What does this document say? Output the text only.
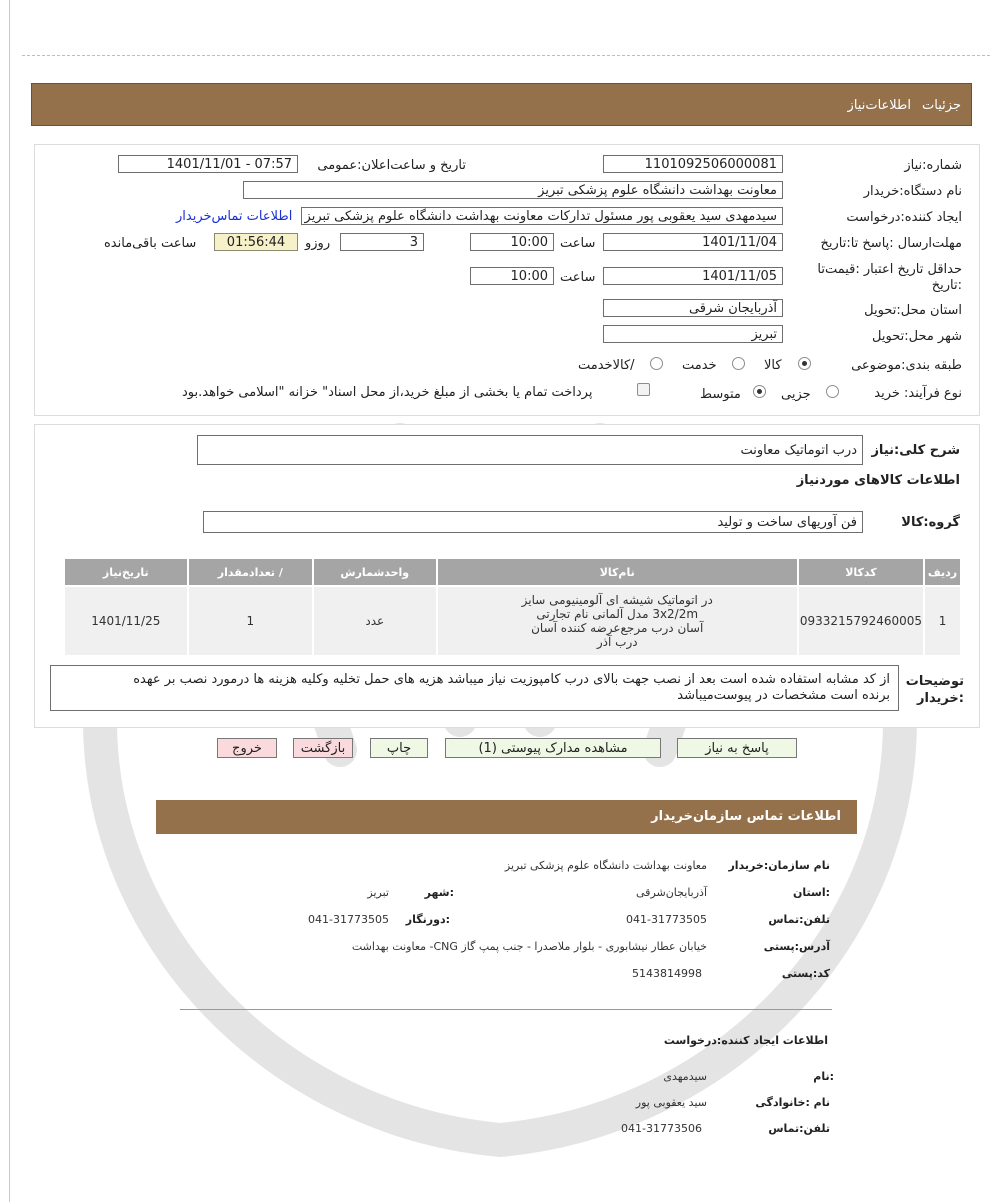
جزئیات
اطلاعات‌نیاز
شماره:نیاز
1101092506000081
تاریخ و ساعت‌اعلان:عمومی
1401/11/01 - 07:57
نام دستگاه:خریدار
معاونت بهداشت دانشگاه علوم پزشکی تبریز
ایجاد کننده:درخواست
سیدمهدی سید یعقوبی پور مسئول تداركات معاونت بهداشت دانشگاه علوم پزشکی تبریز
اطلاعات تماس‌خریدار
مهلت‌ارسال :پاسخ تا:تاریخ
1401/11/04
ساعت
10:00
3
روزو
01:56:44
ساعت باقی‌مانده
حداقل تاریخ اعتبار :قیمت‌تا
:تاریخ
1401/11/05
ساعت
10:00
استان محل:تحویل
آذربایجان شرقی
شهر محل:تحویل
تبریز
طبقه بندی:موضوعی
کالا
خدمت
/کالاخدمت
نوع فرآیند: خرید
جزیی
متوسط
پرداخت تمام یا بخشی از مبلغ خرید،از محل اسناد" خزانه "اسلامی خواهد.بود
شرح کلی:نیاز
درب اتوماتیک معاونت
اطلاعات کالاهای موردنیاز
گروه:کالا
فن آوریهای ساخت و تولید
ردیف	کدکالا	نام‌کالا	واحدشمارش	/ تعدادمقدار	تاریخ‌نیاز
1	0933215792460005	در اتوماتیک شیشه ای آلومینیومی سایز
3x2/2m مدل آلمانی نام تجارتی
آسان درب مرجع‌عرضه کننده آسان
درب آذر	عدد	1	1401/11/25
توضیحات
:خریدار
از کد مشابه استفاده شده است بعد از نصب جهت بالای درب کامپوزیت نیاز میباشد هزیه های حمل تخلیه وکلیه هزینه ها درمورد نصب بر عهده
برنده است مشخصات در پیوست‌میباشد
پاسخ به نیاز
مشاهده مدارک پیوستی (1)
چاپ
بازگشت
خروج
اطلاعات تماس سازمان‌خریدار
نام سازمان:خریدار
معاونت بهداشت دانشگاه علوم پزشکی تبریز
:استان
آذربایجان‌شرقی
:شهر
تبریز
تلفن:تماس
041-31773505
:دورنگار
041-31773505
آدرس:پستی
خیابان عطار نیشابوری - بلوار ملاصدرا - جنب پمپ گاز CNG- معاونت بهداشت
کد:پستی
5143814998
اطلاعات ایجاد کننده:درخواست
:نام
سیدمهدی
نام :خانوادگی
سید یعقوبی پور
تلفن:تماس
041-31773506
